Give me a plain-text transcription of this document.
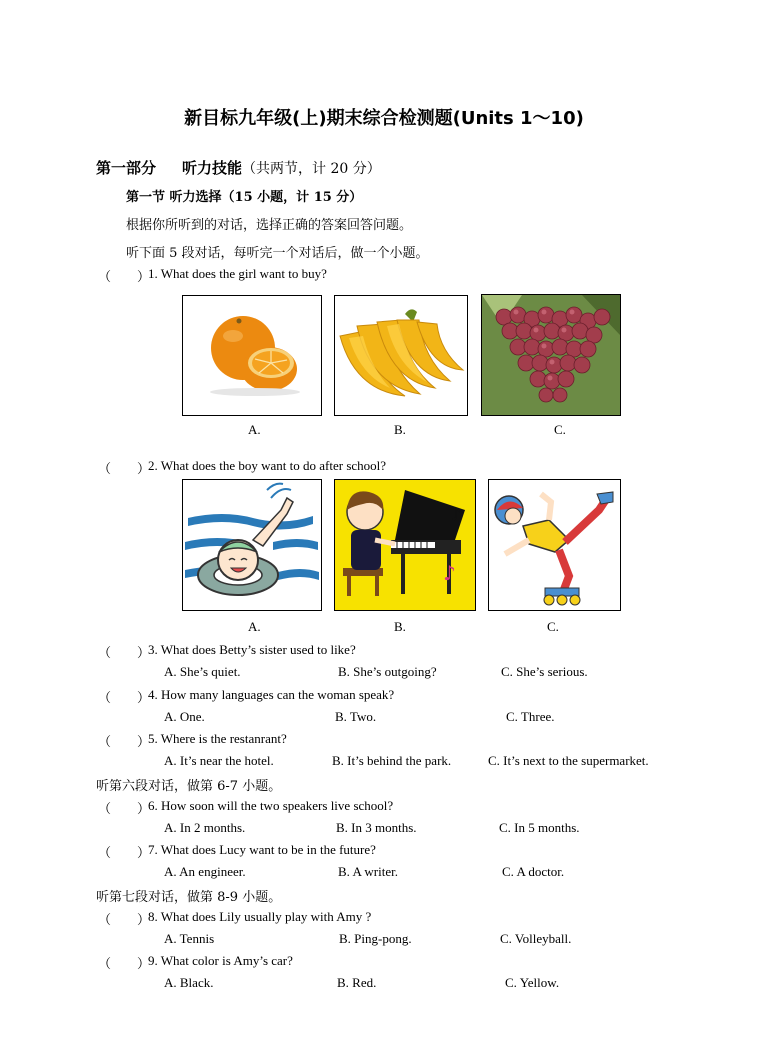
新目标九年级(上)期末综合检测题(Units 1～10)
第一部分 听力技能（共两节，计 20 分）
第一节 听力选择（15 小题，计 15 分）
根据你所听到的对话，选择正确的答案回答问题。
听下面 5 段对话，每听完一个对话后，做一个小题。
（　　）
1. What does the girl want to buy?
A.	B.	C.
（　　）
2. What does the boy want to do after school?
♪
♪
A.	B.	C.
（　　）
3. What does Betty’s sister used to like?
A. She’s quiet.	B. She’s outgoing?	C. She’s serious.
（　　）
4. How many languages can the woman speak?
A. One.	B. Two.	C. Three.
（　　）
5. Where is the restanrant?
A. It’s near the hotel.	B. It’s behind the park.	C. It’s next to the supermarket.
听第六段对话，做第 6-7 小题。
（　　）
6. How soon will the two speakers live school?
A. In 2 months.	B. In 3 months.	C. In 5 months.
（　　）
7. What does Lucy want to be in the future?
A. An engineer.	B. A writer.	C. A doctor.
听第七段对话，做第 8-9 小题。
（　　）
8. What does Lily usually play with Amy ?
A. Tennis	B. Ping-pong.	C. Volleyball.
（　　）
9. What color is Amy’s car?
A. Black.	B. Red.	C. Yellow.
